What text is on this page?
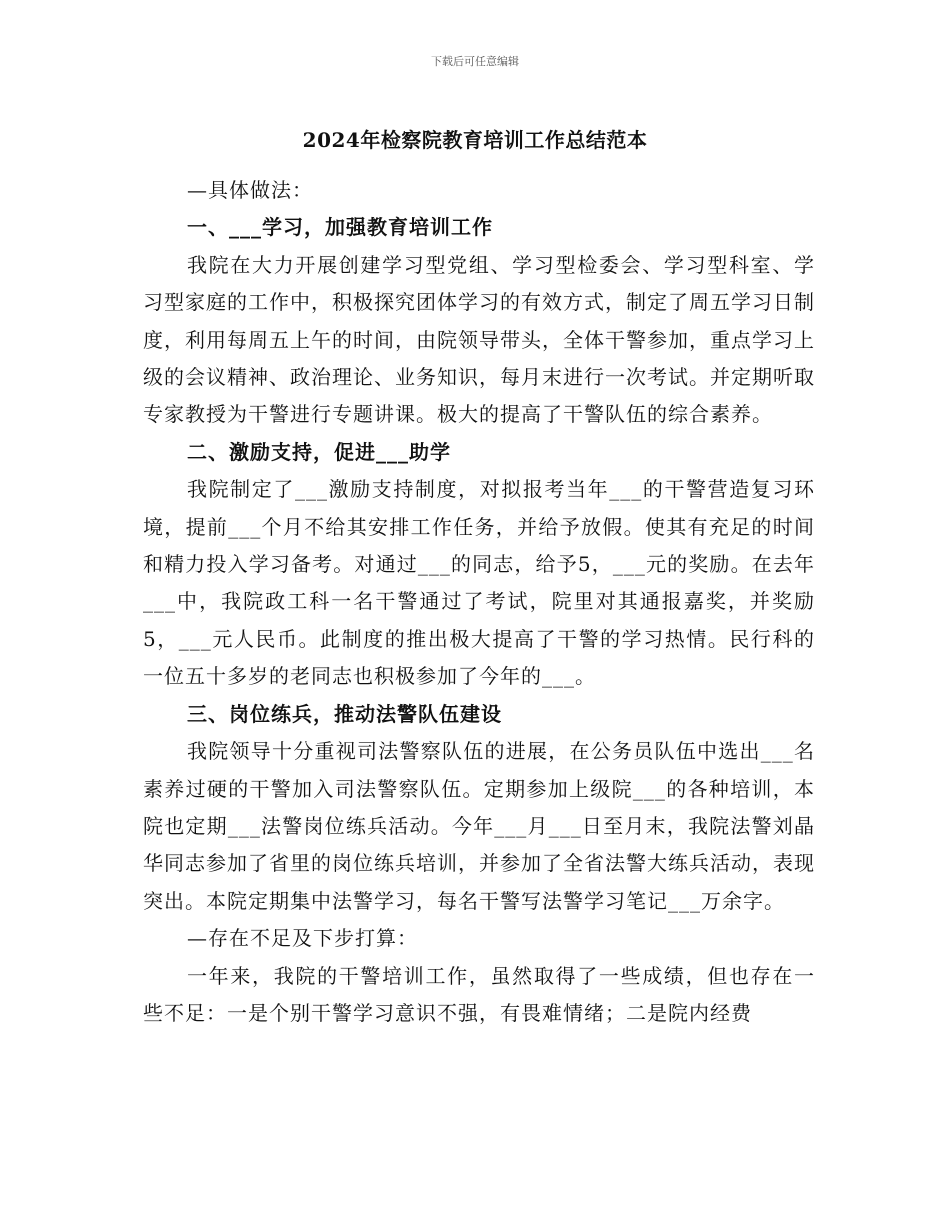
下载后可任意编辑
2024年检察院教育培训工作总结范本

—具体做法：

一、___学习，加强教育培训工作

我院在大力开展创建学习型党组、学习型检委会、学习型科室、学习型家庭的工作中，积极探究团体学习的有效方式，制定了周五学习日制度，利用每周五上午的时间，由院领导带头，全体干警参加，重点学习上级的会议精神、政治理论、业务知识，每月末进行一次考试。并定期听取专家教授为干警进行专题讲课。极大的提高了干警队伍的综合素养。

二、激励支持，促进___助学

我院制定了___激励支持制度，对拟报考当年___的干警营造复习环境，提前___个月不给其安排工作任务，并给予放假。使其有充足的时间和精力投入学习备考。对通过___的同志，给予5，___元的奖励。在去年___中，我院政工科一名干警通过了考试，院里对其通报嘉奖，并奖励5，___元人民币。此制度的推出极大提高了干警的学习热情。民行科的一位五十多岁的老同志也积极参加了今年的___。

三、岗位练兵，推动法警队伍建设

我院领导十分重视司法警察队伍的进展，在公务员队伍中选出___名素养过硬的干警加入司法警察队伍。定期参加上级院___的各种培训，本院也定期___法警岗位练兵活动。今年___月___日至月末，我院法警刘晶华同志参加了省里的岗位练兵培训，并参加了全省法警大练兵活动，表现突出。本院定期集中法警学习，每名干警写法警学习笔记___万余字。

—存在不足及下步打算：

一年来，我院的干警培训工作，虽然取得了一些成绩，但也存在一些不足：一是个别干警学习意识不强，有畏难情绪；二是院内经费
